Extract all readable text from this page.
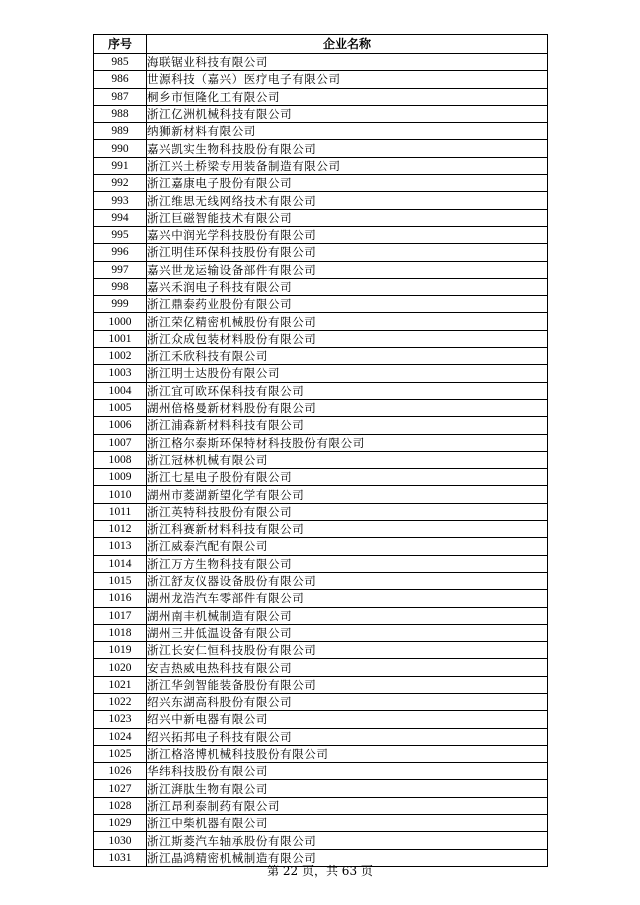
序号	企业名称
985	海联锯业科技有限公司
986	世源科技（嘉兴）医疗电子有限公司
987	桐乡市恒隆化工有限公司
988	浙江亿洲机械科技有限公司
989	纳狮新材料有限公司
990	嘉兴凯实生物科技股份有限公司
991	浙江兴土桥梁专用装备制造有限公司
992	浙江嘉康电子股份有限公司
993	浙江维思无线网络技术有限公司
994	浙江巨磁智能技术有限公司
995	嘉兴中润光学科技股份有限公司
996	浙江明佳环保科技股份有限公司
997	嘉兴世龙运输设备部件有限公司
998	嘉兴禾润电子科技有限公司
999	浙江鼎泰药业股份有限公司
1000	浙江荣亿精密机械股份有限公司
1001	浙江众成包装材料股份有限公司
1002	浙江禾欣科技有限公司
1003	浙江明士达股份有限公司
1004	浙江宜可欧环保科技有限公司
1005	湖州倍格曼新材料股份有限公司
1006	浙江浦森新材料科技有限公司
1007	浙江格尔泰斯环保特材科技股份有限公司
1008	浙江冠林机械有限公司
1009	浙江七星电子股份有限公司
1010	湖州市菱湖新望化学有限公司
1011	浙江英特科技股份有限公司
1012	浙江科赛新材料科技有限公司
1013	浙江威泰汽配有限公司
1014	浙江万方生物科技有限公司
1015	浙江舒友仪器设备股份有限公司
1016	湖州龙浩汽车零部件有限公司
1017	湖州南丰机械制造有限公司
1018	湖州三井低温设备有限公司
1019	浙江长安仁恒科技股份有限公司
1020	安吉热威电热科技有限公司
1021	浙江华剑智能装备股份有限公司
1022	绍兴东湖高科股份有限公司
1023	绍兴中新电器有限公司
1024	绍兴拓邦电子科技有限公司
1025	浙江格洛博机械科技股份有限公司
1026	华纬科技股份有限公司
1027	浙江湃肽生物有限公司
1028	浙江昂利泰制药有限公司
1029	浙江中柴机器有限公司
1030	浙江斯菱汽车轴承股份有限公司
1031	浙江晶鸿精密机械制造有限公司
第 22 页，共 63 页
